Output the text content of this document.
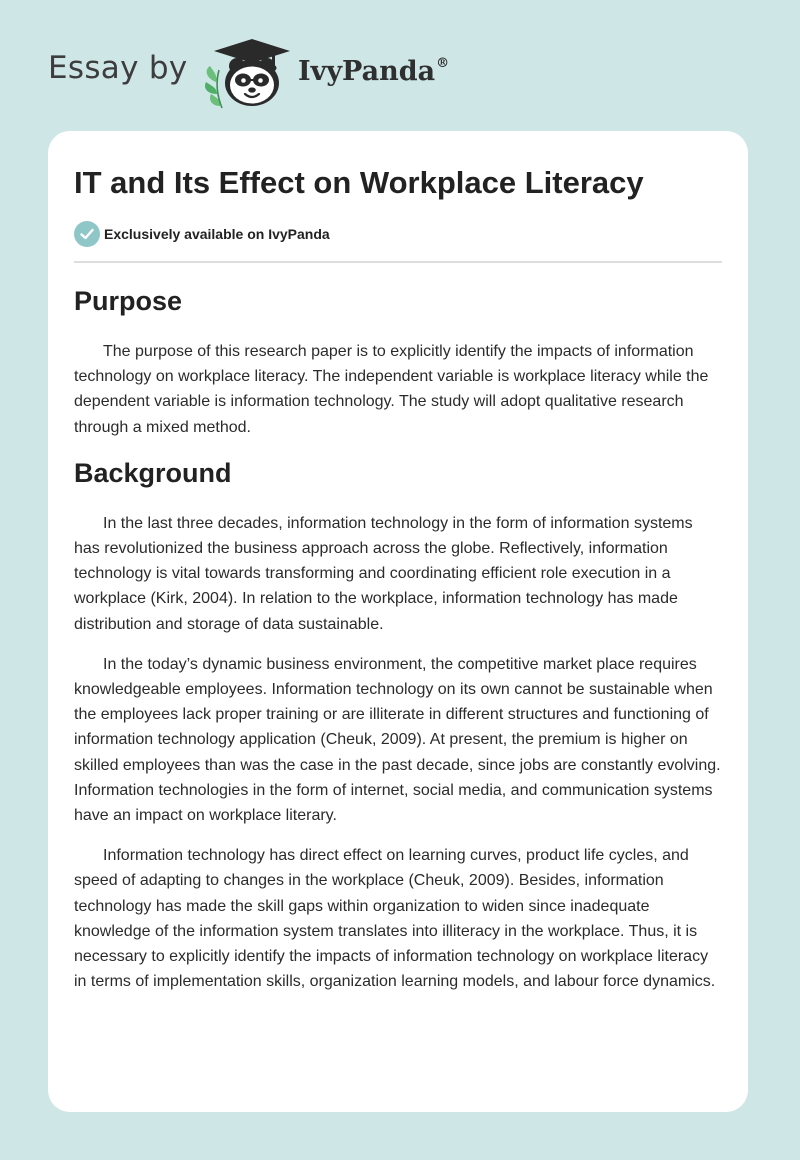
Essay by	IvyPanda®
IT and Its Effect on Workplace Literacy
Exclusively available on IvyPanda
Purpose

The purpose of this research paper is to explicitly identify the impacts of information technology on workplace literacy. The independent variable is workplace literacy while the dependent variable is information technology. The study will adopt qualitative research through a mixed method.

Background

In the last three decades, information technology in the form of information systems has revolutionized the business approach across the globe. Reflectively, information technology is vital towards transforming and coordinating efficient role execution in a workplace (Kirk, 2004). In relation to the workplace, information technology has made distribution and storage of data sustainable.

In the today’s dynamic business environment, the competitive market place requires knowledgeable employees. Information technology on its own cannot be sustainable when the employees lack proper training or are illiterate in different structures and functioning of information technology application (Cheuk, 2009). At present, the premium is higher on skilled employees than was the case in the past decade, since jobs are constantly evolving. Information technologies in the form of internet, social media, and communication systems have an impact on workplace literary.

Information technology has direct effect on learning curves, product life cycles, and speed of adapting to changes in the workplace (Cheuk, 2009). Besides, information technology has made the skill gaps within organization to widen since inadequate knowledge of the information system translates into illiteracy in the workplace. Thus, it is necessary to explicitly identify the impacts of information technology on workplace literacy in terms of implementation skills, organization learning models, and labour force dynamics.
